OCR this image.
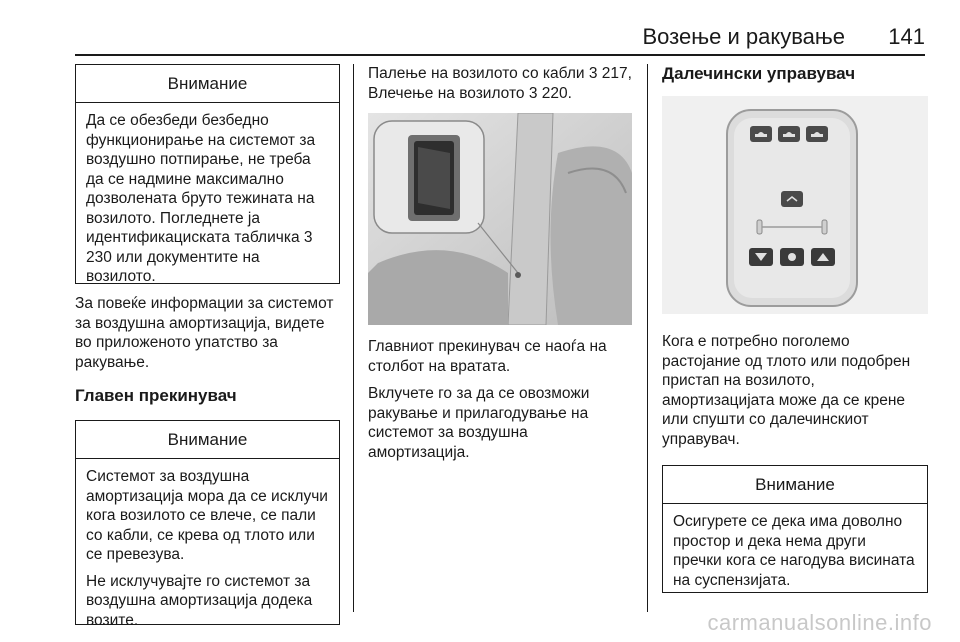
Возење и ракување 141
Внимание

Да се обезбеди безбедно функционирање на системот за воздушно потпирање, не треба да се надмине максимално дозволената бруто тежината на возилото. Погледнете ја идентификациската табличка 3 230 или документите на возилото.

За повеќе информации за системот за воздушна амортизација, видете во приложеното упатство за ракување.

Главен прекинувач

Внимание

Системот за воздушна амортизација мора да се исклучи кога возилото се влече, се пали со кабли, се крева од тлото или се превезува.

Не исклучувајте го системот за воздушна амортизација додека возите.

Палење на возилото со кабли 3 217, Влечење на возилото 3 220.

Главниот прекинувач се наоѓа на столбот на вратата.

Вклучете го за да се овозможи ракување и прилагодување на системот за воздушна амортизација.

Далечински управувач

Кога е потребно поголемо растојание од тлото или подобрен пристап на возилото, амортизацијата може да се крене или спушти со далечинскиот управувач.

Внимание

Осигурете се дека има доволно простор и дека нема други пречки кога се нагодува висината на суспензијата.

carmanualsonline.info
